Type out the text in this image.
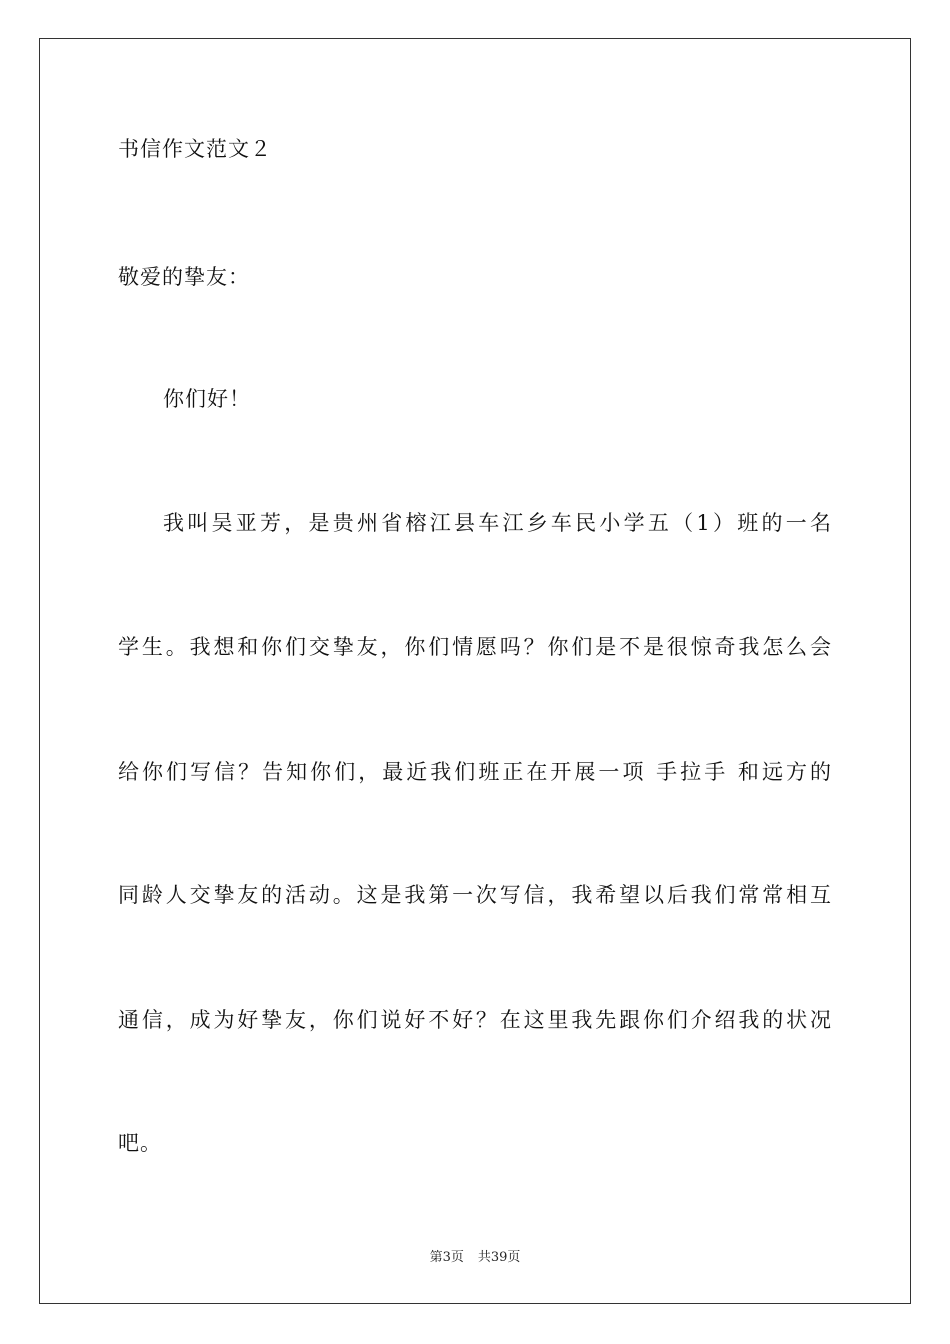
书信作文范文２
敬爱的挚友：
你们好！
我叫吴亚芳，是贵州省榕江县车江乡车民小学五（1）班的一名
学生。我想和你们交挚友，你们情愿吗？你们是不是很惊奇我怎么会
给你们写信？告知你们，最近我们班正在开展一项 手拉手 和远方的
同龄人交挚友的活动。这是我第一次写信，我希望以后我们常常相互
通信，成为好挚友，你们说好不好？在这里我先跟你们介绍我的状况
吧。
第3页 共39页
